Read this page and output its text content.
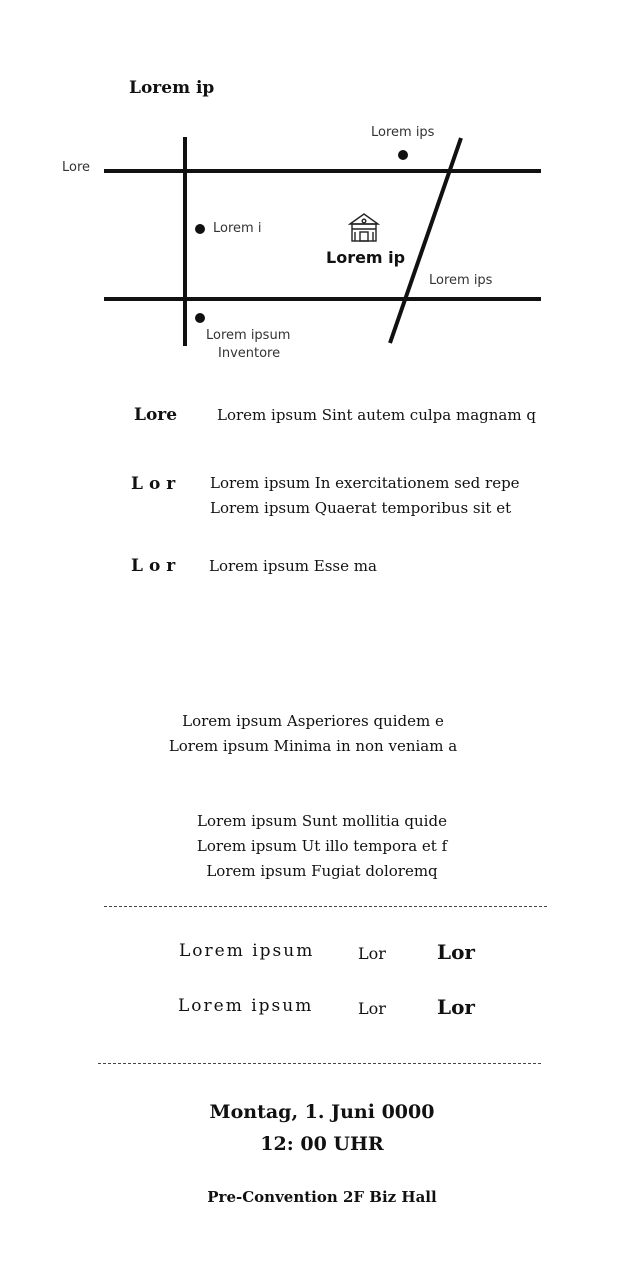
Lorem ip
Lore
Lorem ips
Lorem i
Lorem ip
Lorem ips
Lorem ipsum
Inventore
Lore	Lorem ipsum Sint autem culpa magnam q
Lor Lorem ipsum In exercitationem sed repe
Lorem ipsum Quaerat temporibus sit et
Lor Lorem ipsum Esse ma
Lorem ipsum Asperiores quidem e
Lorem ipsum Minima in non veniam a
Lorem ipsum Sunt mollitia quide
Lorem ipsum Ut illo tempora et f
Lorem ipsum Fugiat doloremq
Lorem ipsum	Lor	Lor
Lorem ipsum	Lor	Lor
Montag, 1. Juni 0000
12: 00 UHR
Pre-Convention 2F Biz Hall
